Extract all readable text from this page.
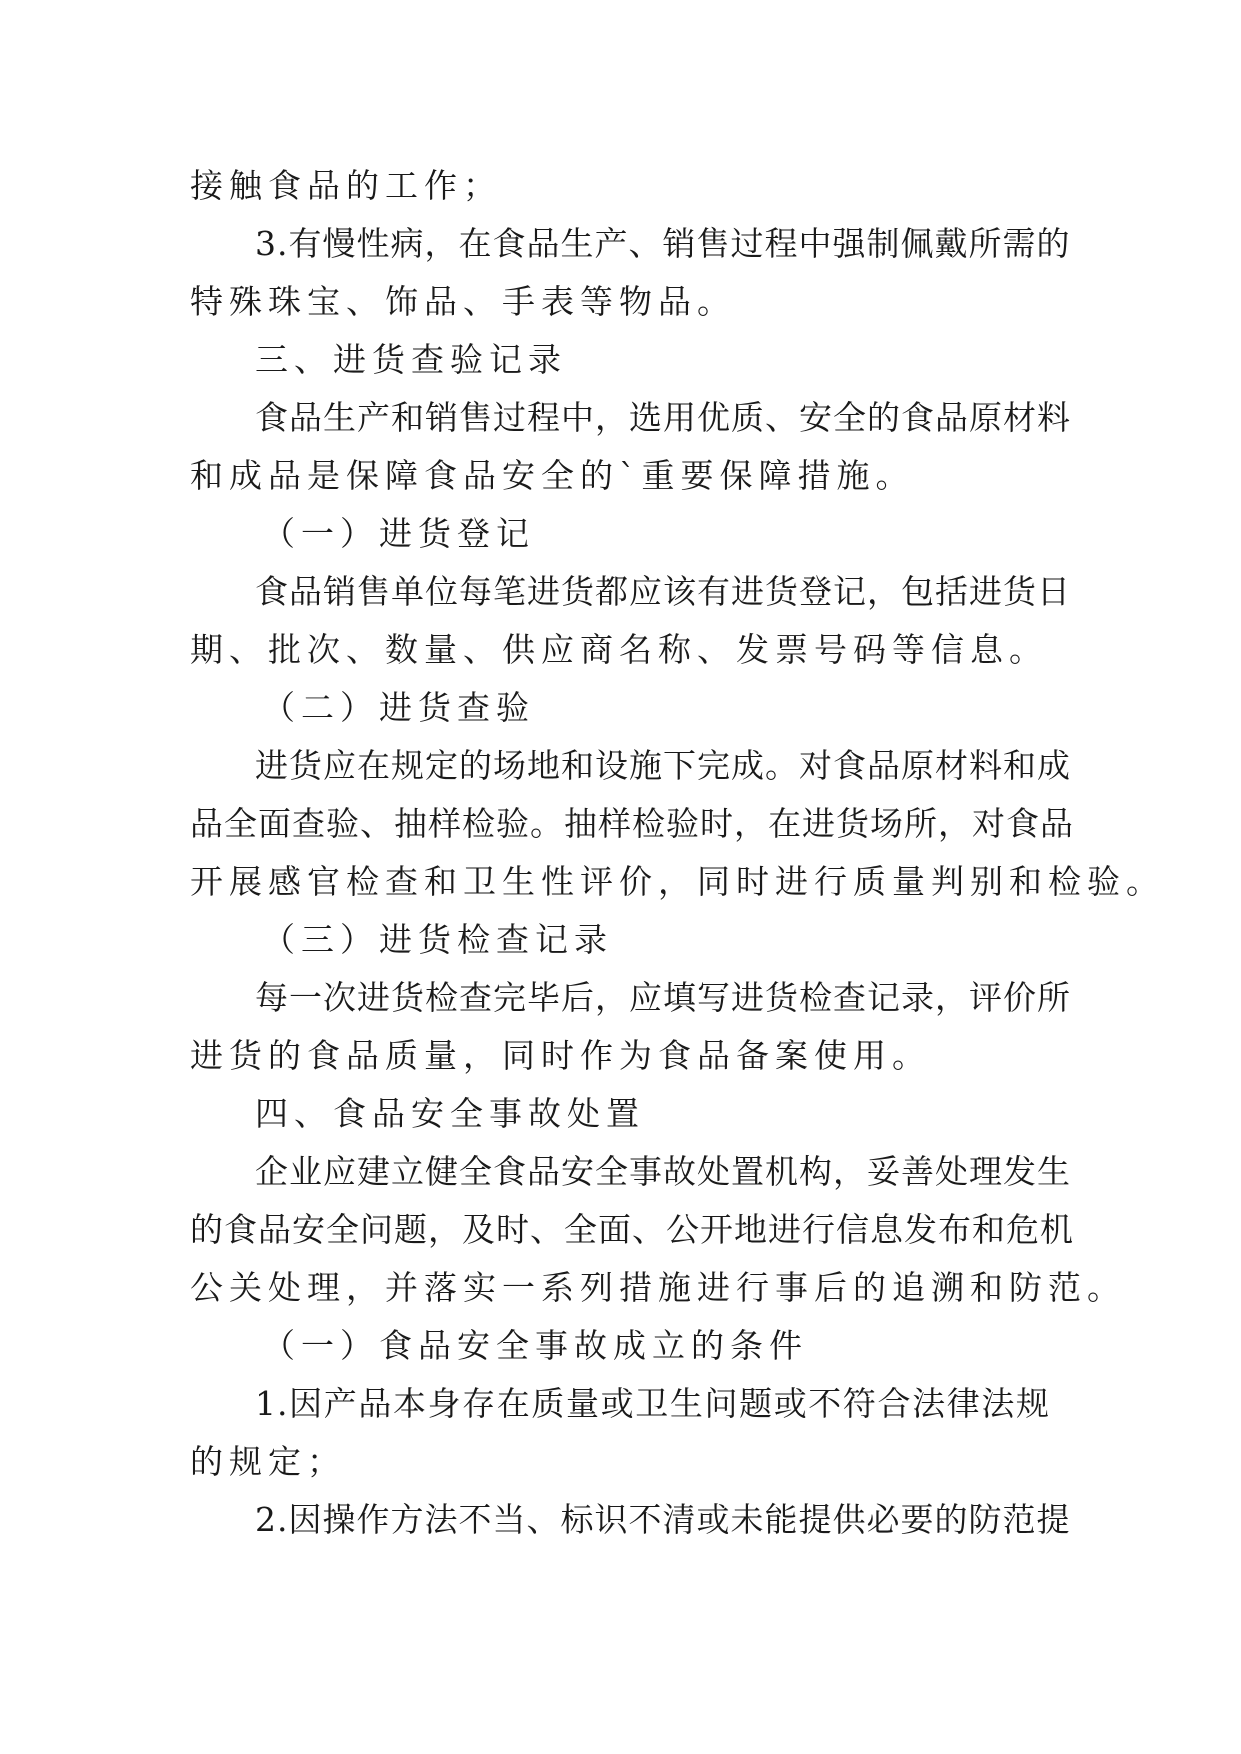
接触食品的工作；
3.有慢性病，在食品生产、销售过程中强制佩戴所需的
特殊珠宝、饰品、手表等物品。
三、进货查验记录
食品生产和销售过程中，选用优质、安全的食品原材料
和成品是保障食品安全的`重要保障措施。
（一）进货登记
食品销售单位每笔进货都应该有进货登记，包括进货日
期、批次、数量、供应商名称、发票号码等信息。
（二）进货查验
进货应在规定的场地和设施下完成。对食品原材料和成
品全面查验、抽样检验。抽样检验时，在进货场所，对食品
开展感官检查和卫生性评价，同时进行质量判别和检验。
（三）进货检查记录
每一次进货检查完毕后，应填写进货检查记录，评价所
进货的食品质量，同时作为食品备案使用。
四、食品安全事故处置
企业应建立健全食品安全事故处置机构，妥善处理发生
的食品安全问题，及时、全面、公开地进行信息发布和危机
公关处理，并落实一系列措施进行事后的追溯和防范。
（一）食品安全事故成立的条件
1.因产品本身存在质量或卫生问题或不符合法律法规
的规定；
2.因操作方法不当、标识不清或未能提供必要的防范提
